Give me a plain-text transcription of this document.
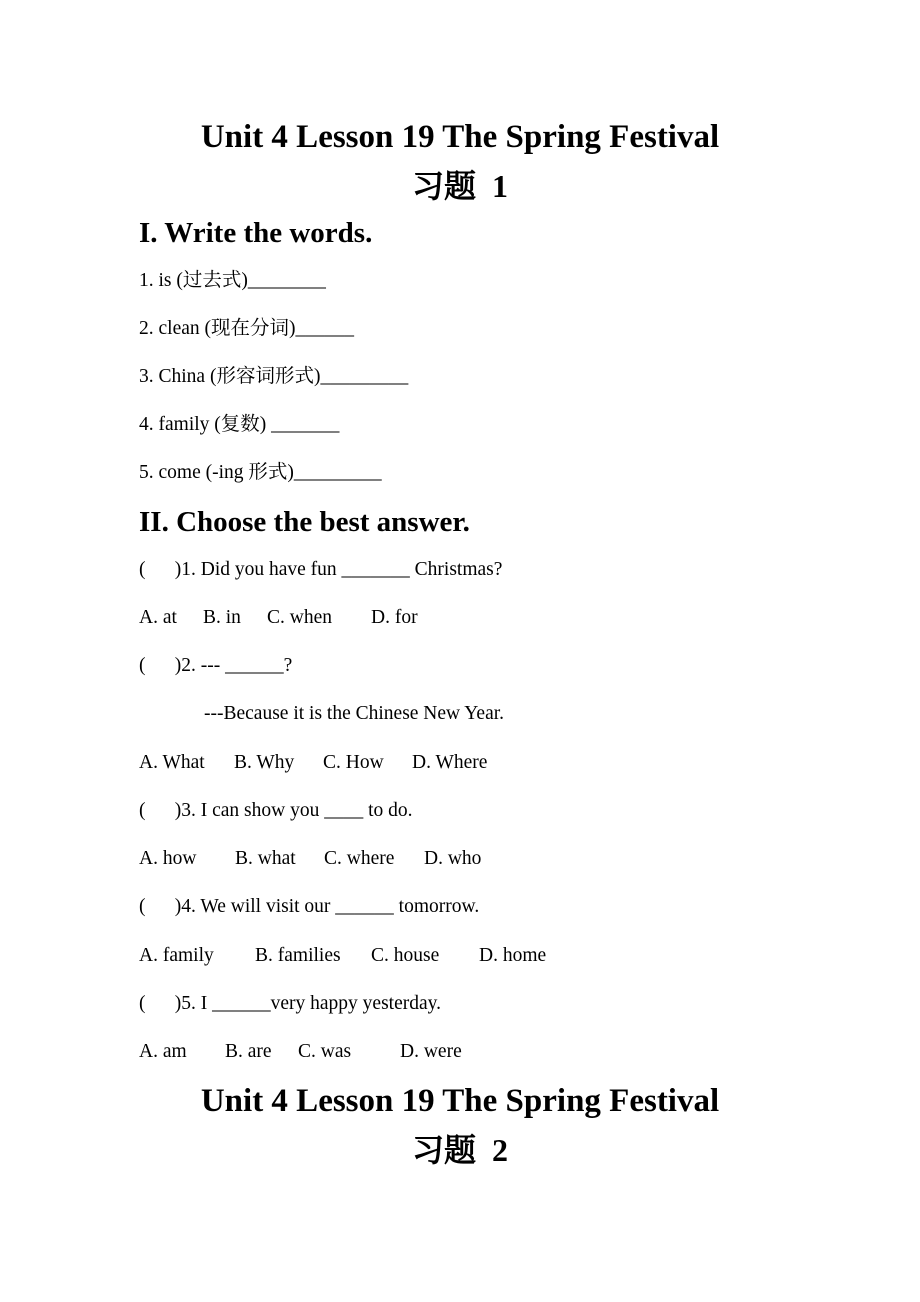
Unit 4 Lesson 19 The Spring Festival
习题 1
I. Write the words.
1. is (过去式)________
2. clean (现在分词)______
3. China (形容词形式)_________
4. family (复数) _______
5. come (-ing 形式)_________
II. Choose the best answer.
(      )1. Did you have fun _______ Christmas?
A. at B. in C. when D. for
(      )2. --- ______?
---Because it is the Chinese New Year.
A. What B. Why C. How D. Where
(      )3. I can show you ____ to do.
A. how B. what C. where D. who
(      )4. We will visit our ______ tomorrow.
A. family B. families C. house D. home
(      )5. I ______very happy yesterday.
A. am B. are C. was	D. were
Unit 4 Lesson 19 The Spring Festival
习题 2
